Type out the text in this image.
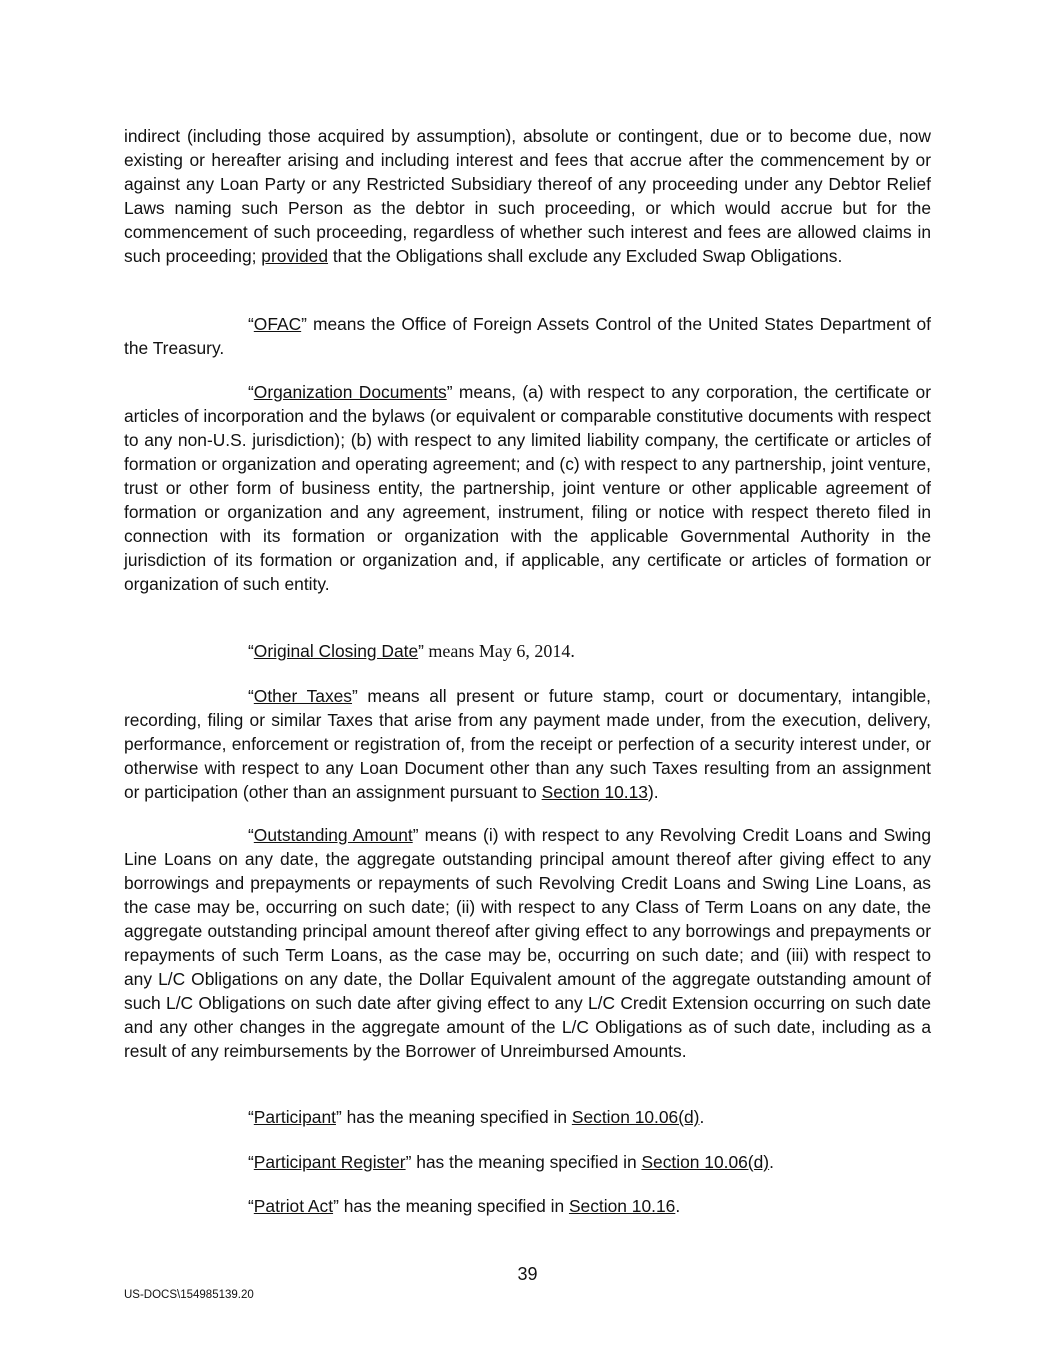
indirect (including those acquired by assumption), absolute or contingent, due or to become due, now existing or hereafter arising and including interest and fees that accrue after the commencement by or against any Loan Party or any Restricted Subsidiary thereof of any proceeding under any Debtor Relief Laws naming such Person as the debtor in such proceeding, or which would accrue but for the commencement of such proceeding, regardless of whether such interest and fees are allowed claims in such proceeding; provided that the Obligations shall exclude any Excluded Swap Obligations.

“OFAC” means the Office of Foreign Assets Control of the United States Department of the Treasury.

“Organization Documents” means, (a) with respect to any corporation, the certificate or articles of incorporation and the bylaws (or equivalent or comparable constitutive documents with respect to any non-U.S. jurisdiction); (b) with respect to any limited liability company, the certificate or articles of formation or organization and operating agreement; and (c) with respect to any partnership, joint venture, trust or other form of business entity, the partnership, joint venture or other applicable agreement of formation or organization and any agreement, instrument, filing or notice with respect thereto filed in connection with its formation or organization with the applicable Governmental Authority in the jurisdiction of its formation or organization and, if applicable, any certificate or articles of formation or organization of such entity.

“Original Closing Date” means May 6, 2014.

“Other Taxes” means all present or future stamp, court or documentary, intangible, recording, filing or similar Taxes that arise from any payment made under, from the execution, delivery, performance, enforcement or registration of, from the receipt or perfection of a security interest under, or otherwise with respect to any Loan Document other than any such Taxes resulting from an assignment or participation (other than an assignment pursuant to Section 10.13).

“Outstanding Amount” means (i) with respect to any Revolving Credit Loans and Swing Line Loans on any date, the aggregate outstanding principal amount thereof after giving effect to any borrowings and prepayments or repayments of such Revolving Credit Loans and Swing Line Loans, as the case may be, occurring on such date; (ii) with respect to any Class of Term Loans on any date, the aggregate outstanding principal amount thereof after giving effect to any borrowings and prepayments or repayments of such Term Loans, as the case may be, occurring on such date; and (iii) with respect to any L/C Obligations on any date, the Dollar Equivalent amount of the aggregate outstanding amount of such L/C Obligations on such date after giving effect to any L/C Credit Extension occurring on such date and any other changes in the aggregate amount of the L/C Obligations as of such date, including as a result of any reimbursements by the Borrower of Unreimbursed Amounts.

“Participant” has the meaning specified in Section 10.06(d).

“Participant Register” has the meaning specified in Section 10.06(d).

“Patriot Act” has the meaning specified in Section 10.16.

39
US-DOCS\154985139.20
